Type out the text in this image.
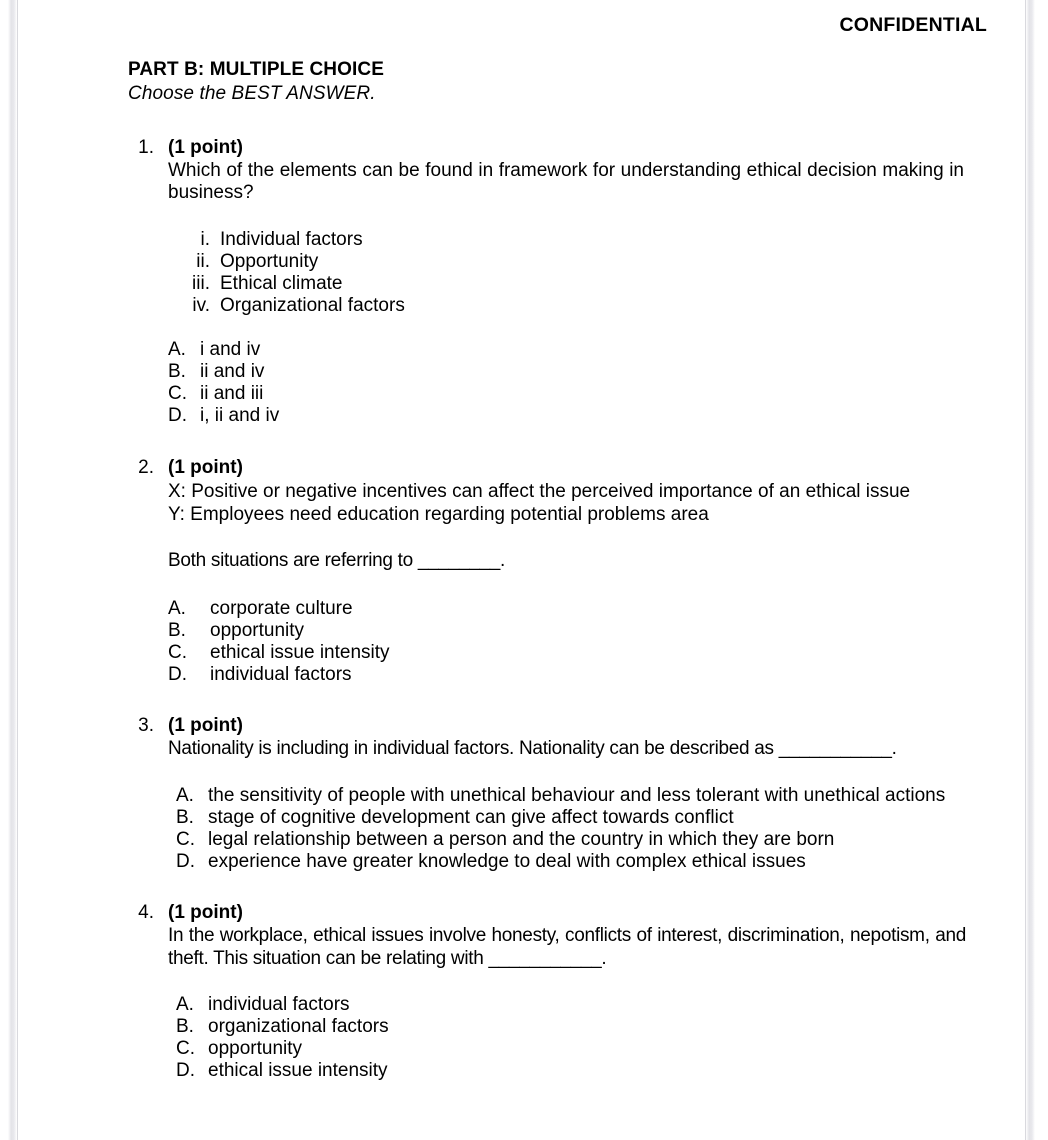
CONFIDENTIAL
PART B: MULTIPLE CHOICE
Choose the BEST ANSWER.
1. (1 point)
Which of the elements can be found in framework for understanding ethical decision making in business?
i. Individual factors
ii. Opportunity
iii. Ethical climate
iv. Organizational factors
A. i and iv
B. ii and iv
C. ii and iii
D. i, ii and iv
2. (1 point)
X: Positive or negative incentives can affect the perceived importance of an ethical issue
Y: Employees need education regarding potential problems area
Both situations are referring to ________.
A.	corporate culture
B.	opportunity
C.	ethical issue intensity
D.	individual factors
3. (1 point)
Nationality is including in individual factors. Nationality can be described as ___________.
A. the sensitivity of people with unethical behaviour and less tolerant with unethical actions
B. stage of cognitive development can give affect towards conflict
C. legal relationship between a person and the country in which they are born
D. experience have greater knowledge to deal with complex ethical issues
4. (1 point)
In the workplace, ethical issues involve honesty, conflicts of interest, discrimination, nepotism, and theft. This situation can be relating with ___________.
A. individual factors
B. organizational factors
C. opportunity
D. ethical issue intensity
